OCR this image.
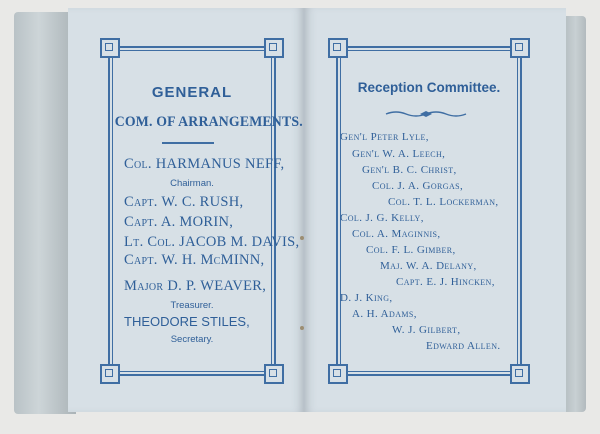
GENERAL
COM. OF ARRANGEMENTS.
Col. HARMANUS NEFF,
Chairman.
Capt. W. C. RUSH,
Capt. A. MORIN,
Lt. Col. JACOB M. DAVIS,
Capt. W. H. McMINN,
Major D. P. WEAVER,
Treasurer.
THEODORE STILES,
Secretary.
Reception Committee.
Gen'l Peter Lyle,
Gen'l W. A. Leech,
Gen'l B. C. Christ,
Col. J. A. Gorgas,
Col. T. L. Lockerman,
Col. J. G. Kelly,
Col. A. Maginnis,
Col. F. L. Gimber,
Maj. W. A. Delany,
Capt. E. J. Hincken,
D. J. King,
A. H. Adams,
W. J. Gilbert,
Edward Allen.
